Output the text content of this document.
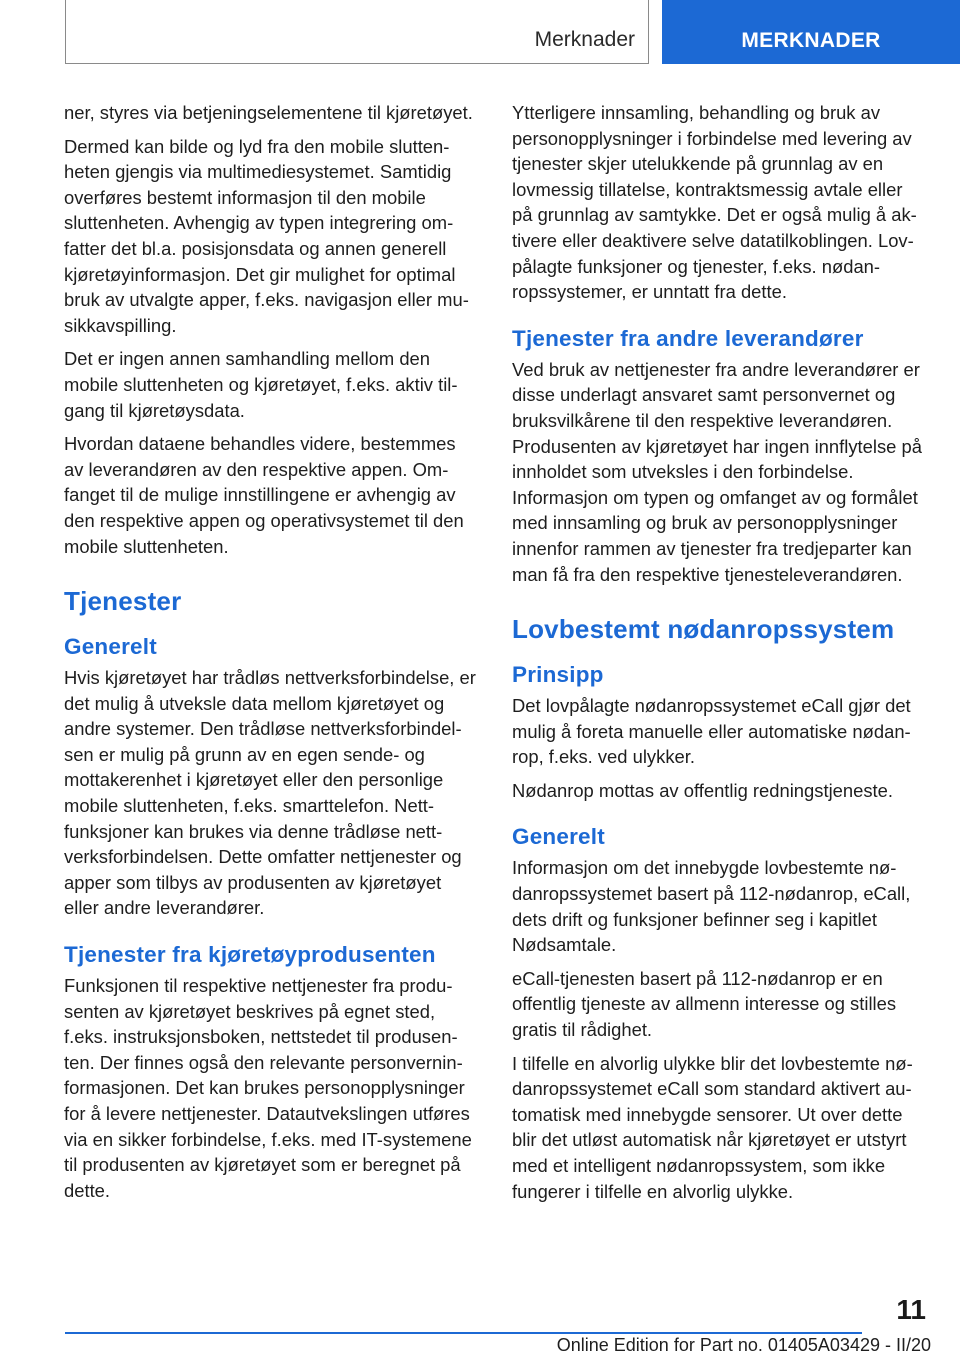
Merknader	MERKNADER

ner, styres via betjeningselementene til kjøretøyet.

Dermed kan bilde og lyd fra den mobile sluttenheten gjengis via multimediesystemet. Samtidig overføres bestemt informasjon til den mobile sluttenheten. Avhengig av typen integrering omfatter det bl.a. posisjonsdata og annen generell kjøretøyinformasjon. Det gir mulighet for optimal bruk av utvalgte apper, f.eks. navigasjon eller musikkavspilling.

Det er ingen annen samhandling mellom den mobile sluttenheten og kjøretøyet, f.eks. aktiv tilgang til kjøretøysdata.

Hvordan dataene behandles videre, bestemmes av leverandøren av den respektive appen. Omfanget til de mulige innstillingene er avhengig av den respektive appen og operativsystemet til den mobile sluttenheten.

Tjenester
Generelt

Hvis kjøretøyet har trådløs nettverksforbindelse, er det mulig å utveksle data mellom kjøretøyet og andre systemer. Den trådløse nettverksforbindelsen er mulig på grunn av en egen sende- og mottakerenhet i kjøretøyet eller den personlige mobile sluttenheten, f.eks. smarttelefon. Nettfunksjoner kan brukes via denne trådløse nettverksforbindelsen. Dette omfatter nettjenester og apper som tilbys av produsenten av kjøretøyet eller andre leverandører.

Tjenester fra kjøretøyprodusenten

Funksjonen til respektive nettjenester fra produsenten av kjøretøyet beskrives på egnet sted, f.eks. instruksjonsboken, nettstedet til produsenten. Der finnes også den relevante personverninformasjonen. Det kan brukes personopplysninger for å levere nettjenester. Datautvekslingen utføres via en sikker forbindelse, f.eks. med IT-systemene til produsenten av kjøretøyet som er beregnet på dette.

Ytterligere innsamling, behandling og bruk av personopplysninger i forbindelse med levering av tjenester skjer utelukkende på grunnlag av en lovmessig tillatelse, kontraktsmessig avtale eller på grunnlag av samtykke. Det er også mulig å aktivere eller deaktivere selve datatilkoblingen. Lovpålagte funksjoner og tjenester, f.eks. nødanropssystemer, er unntatt fra dette.

Tjenester fra andre leverandører

Ved bruk av nettjenester fra andre leverandører er disse underlagt ansvaret samt personvernet og bruksvilkårene til den respektive leverandøren. Produsenten av kjøretøyet har ingen innflytelse på innholdet som utveksles i den forbindelse. Informasjon om typen og omfanget av og formålet med innsamling og bruk av personopplysninger innenfor rammen av tjenester fra tredjeparter kan man få fra den respektive tjenesteleverandøren.

Lovbestemt nødanropssystem
Prinsipp

Det lovpålagte nødanropssystemet eCall gjør det mulig å foreta manuelle eller automatiske nødanrop, f.eks. ved ulykker.

Nødanrop mottas av offentlig redningstjeneste.

Generelt

Informasjon om det innebygde lovbestemte nødanropssystemet basert på 112-nødanrop, eCall, dets drift og funksjoner befinner seg i kapitlet Nødsamtale.

eCall-tjenesten basert på 112-nødanrop er en offentlig tjeneste av allmenn interesse og stilles gratis til rådighet.

I tilfelle en alvorlig ulykke blir det lovbestemte nødanropssystemet eCall som standard aktivert automatisk med innebygde sensorer. Ut over dette blir det utløst automatisk når kjøretøyet er utstyrt med et intelligent nødanropssystem, som ikke fungerer i tilfelle en alvorlig ulykke.

11
Online Edition for Part no. 01405A03429 - II/20
